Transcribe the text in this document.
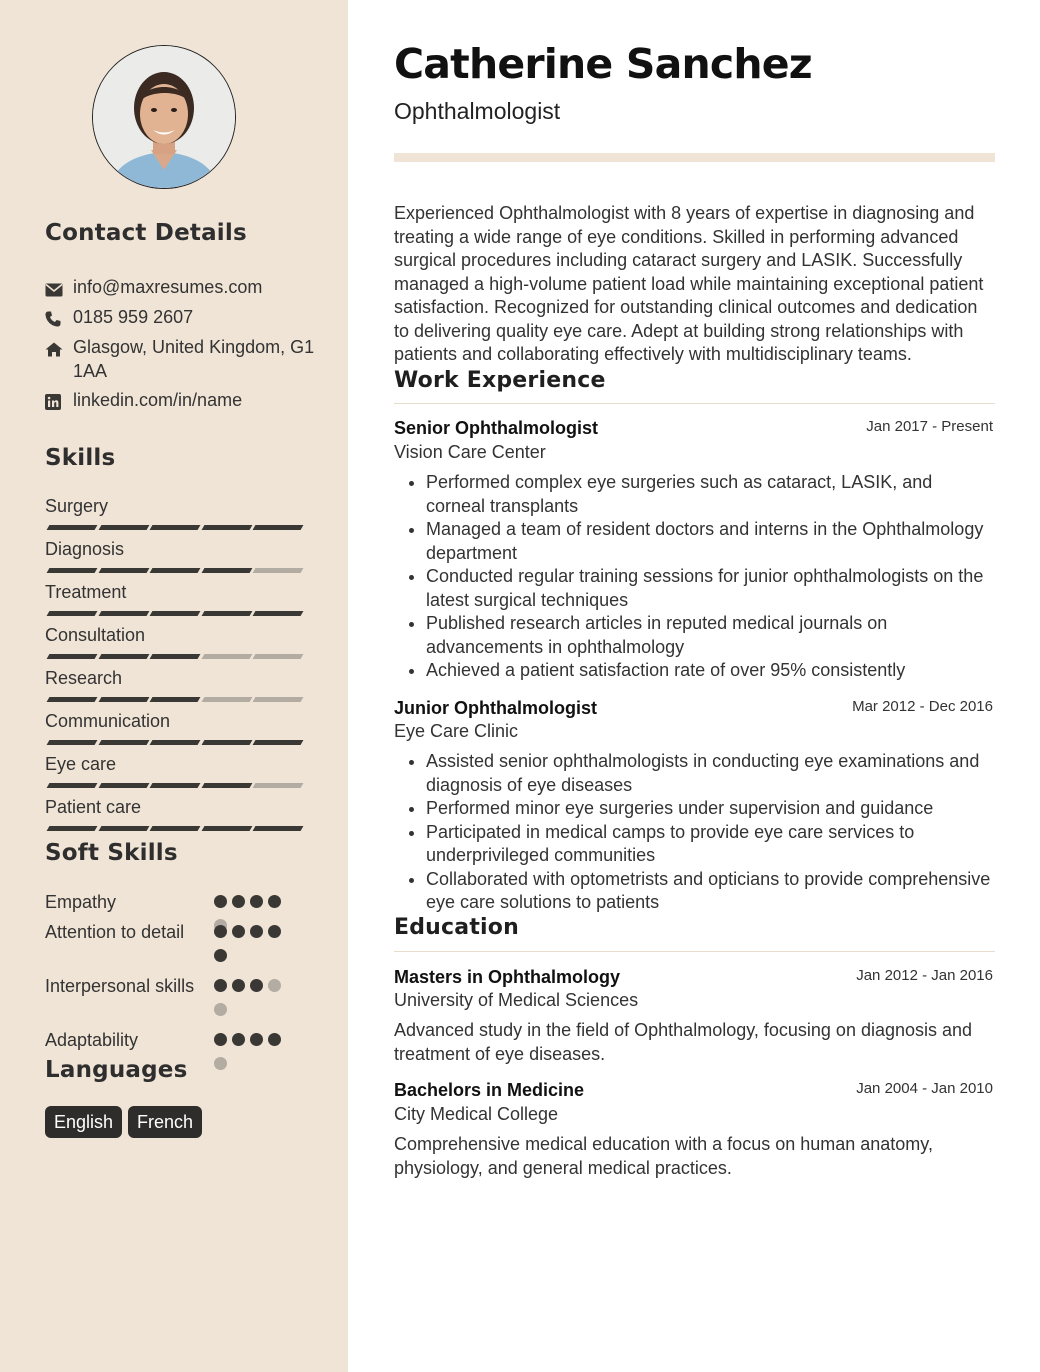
Contact Details
info@maxresumes.com
0185 959 2607
Glasgow, United Kingdom, G1 1AA
linkedin.com/in/name
Skills
Surgery
Diagnosis
Treatment
Consultation
Research
Communication
Eye care
Patient care
Soft Skills
Empathy
Attention to detail
Interpersonal skills
Adaptability
Languages
English	French
Catherine Sanchez
Ophthalmologist
Experienced Ophthalmologist with 8 years of expertise in diagnosing and treating a wide range of eye conditions. Skilled in performing advanced surgical procedures including cataract surgery and LASIK. Successfully managed a high-volume patient load while maintaining exceptional patient satisfaction. Recognized for outstanding clinical outcomes and dedication to delivering quality eye care. Adept at building strong relationships with patients and collaborating effectively with multidisciplinary teams.
Work Experience
Senior Ophthalmologist	Jan 2017 - Present
Vision Care Center
• Performed complex eye surgeries such as cataract, LASIK, and corneal transplants
• Managed a team of resident doctors and interns in the Ophthalmology department
• Conducted regular training sessions for junior ophthalmologists on the latest surgical techniques
• Published research articles in reputed medical journals on advancements in ophthalmology
• Achieved a patient satisfaction rate of over 95% consistently
Junior Ophthalmologist	Mar 2012 - Dec 2016
Eye Care Clinic
• Assisted senior ophthalmologists in conducting eye examinations and diagnosis of eye diseases
• Performed minor eye surgeries under supervision and guidance
• Participated in medical camps to provide eye care services to underprivileged communities
• Collaborated with optometrists and opticians to provide comprehensive eye care solutions to patients
Education
Masters in Ophthalmology	Jan 2012 - Jan 2016
University of Medical Sciences
Advanced study in the field of Ophthalmology, focusing on diagnosis and treatment of eye diseases.
Bachelors in Medicine	Jan 2004 - Jan 2010
City Medical College
Comprehensive medical education with a focus on human anatomy, physiology, and general medical practices.
